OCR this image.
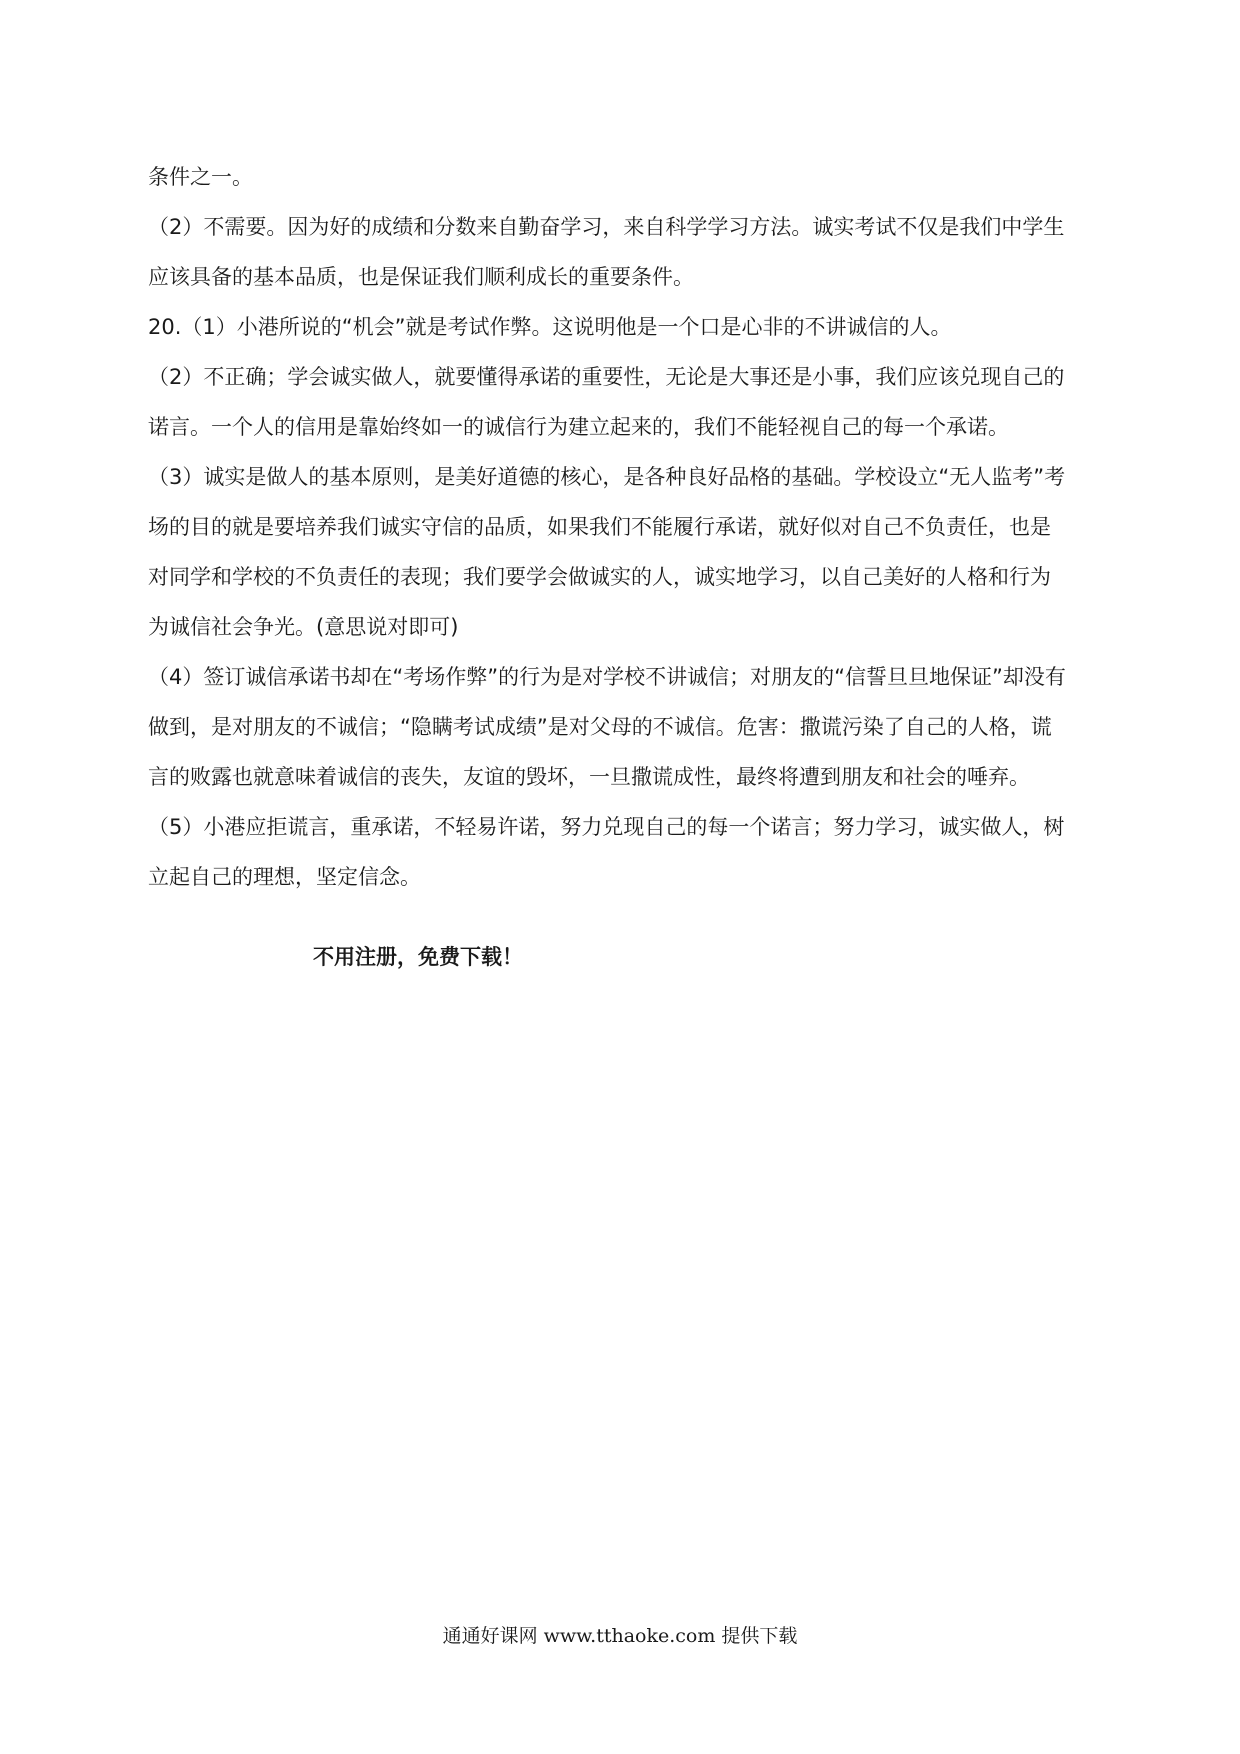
条件之一。
（2）不需要。因为好的成绩和分数来自勤奋学习，来自科学学习方法。诚实考试不仅是我们中学生
应该具备的基本品质，也是保证我们顺利成长的重要条件。
20.（1）小港所说的“机会”就是考试作弊。这说明他是一个口是心非的不讲诚信的人。
（2）不正确；学会诚实做人，就要懂得承诺的重要性，无论是大事还是小事，我们应该兑现自己的
诺言。一个人的信用是靠始终如一的诚信行为建立起来的，我们不能轻视自己的每一个承诺。
（3）诚实是做人的基本原则，是美好道德的核心，是各种良好品格的基础。学校设立“无人监考”考
场的目的就是要培养我们诚实守信的品质，如果我们不能履行承诺，就好似对自己不负责任，也是
对同学和学校的不负责任的表现；我们要学会做诚实的人，诚实地学习，以自己美好的人格和行为
为诚信社会争光。(意思说对即可)
（4）签订诚信承诺书却在“考场作弊”的行为是对学校不讲诚信；对朋友的“信誓旦旦地保证”却没有
做到，是对朋友的不诚信；“隐瞒考试成绩”是对父母的不诚信。危害：撒谎污染了自己的人格，谎
言的败露也就意味着诚信的丧失，友谊的毁坏，一旦撒谎成性，最终将遭到朋友和社会的唾弃。
（5）小港应拒谎言，重承诺，不轻易许诺，努力兑现自己的每一个诺言；努力学习，诚实做人，树
立起自己的理想，坚定信念。
不用注册，免费下载！
通通好课网 www.tthaoke.com 提供下载
